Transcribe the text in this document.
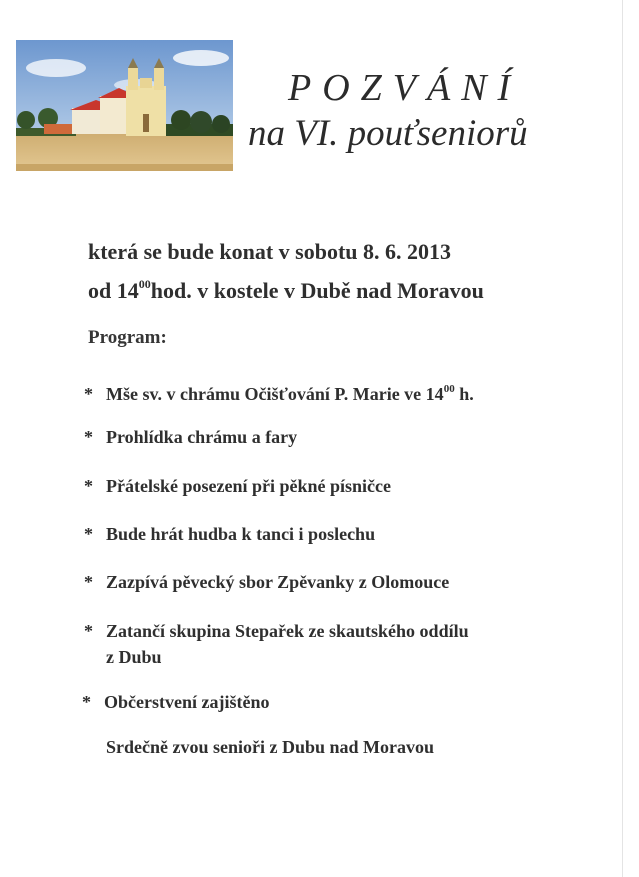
POZVÁNÍ
na VI. pouťseniorů
která se bude konat v sobotu 8. 6. 2013
od $14^{00}hod$. v kostele v Dubě nad Moravou
Program:
* Mše sv. v chrámu Očišťování P. Marie ve $14^{00}$ h.
* Prohlídka chrámu a fary
* Přátelské posezení při pěkné písničce
* Bude hrát hudba k tanci i poslechu
* Zazpívá pěvecký sbor Zpěvanky z Olomouce
* Zatančí skupina Stepařek ze skautského oddílu
z Dubu
* Občerstvení zajištěno
Srdečně zvou senioři z Dubu nad Moravou
